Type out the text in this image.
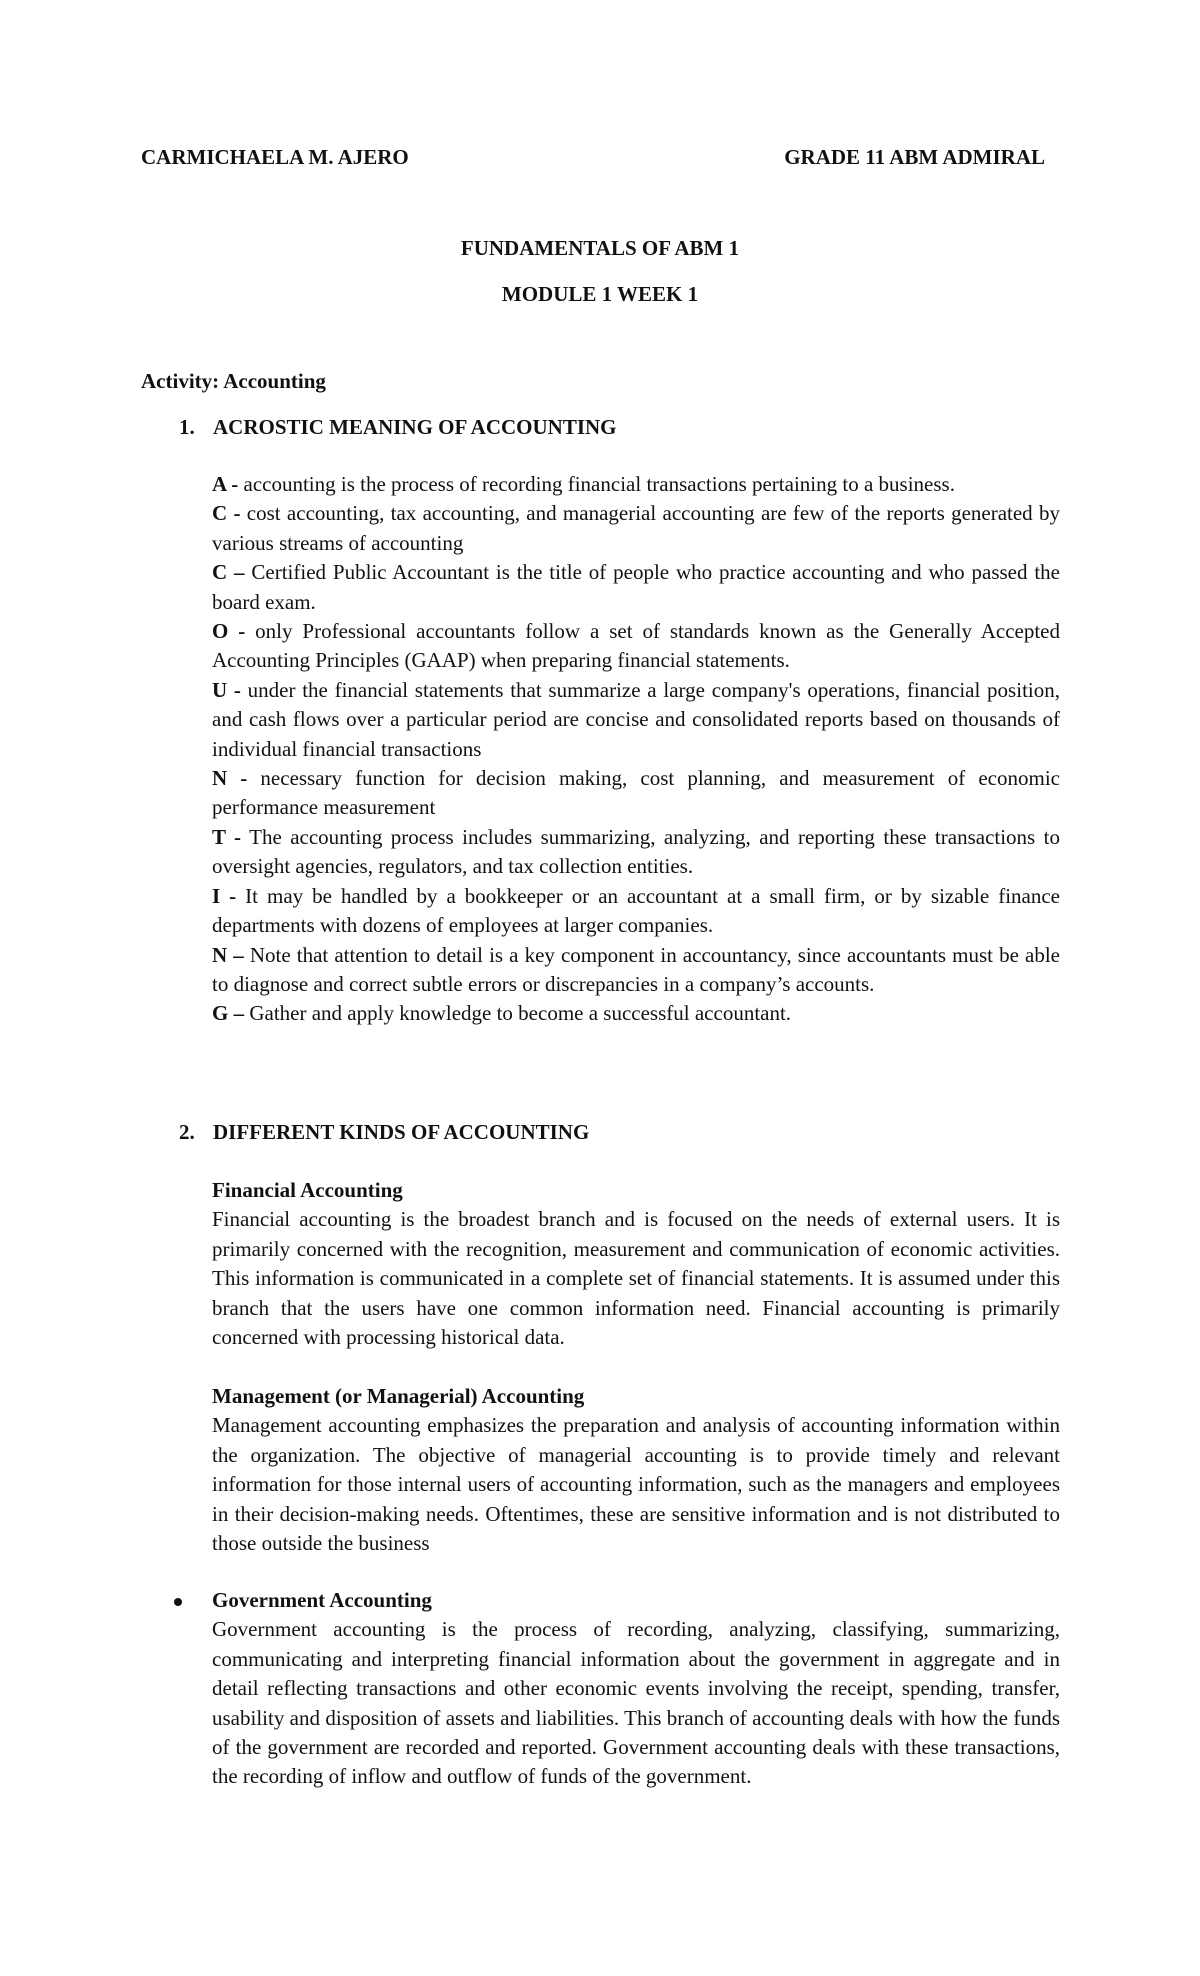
CARMICHAELA M. AJERO	GRADE 11 ABM ADMIRAL
FUNDAMENTALS OF ABM 1
MODULE 1 WEEK 1
Activity: Accounting
1. ACROSTIC MEANING OF ACCOUNTING

A - accounting is the process of recording financial transactions pertaining to a business.

C - cost accounting, tax accounting, and managerial accounting are few of the reports generated by various streams of accounting

C – Certified Public Accountant is the title of people who practice accounting and who passed the board exam.

O - only Professional accountants follow a set of standards known as the Generally Accepted Accounting Principles (GAAP) when preparing financial statements.

U - under the financial statements that summarize a large company's operations, financial position, and cash flows over a particular period are concise and consolidated reports based on thousands of individual financial transactions

N - necessary function for decision making, cost planning, and measurement of economic performance measurement

T - The accounting process includes summarizing, analyzing, and reporting these transactions to oversight agencies, regulators, and tax collection entities.

I - It may be handled by a bookkeeper or an accountant at a small firm, or by sizable finance departments with dozens of employees at larger companies.

N – Note that attention to detail is a key component in accountancy, since accountants must be able to diagnose and correct subtle errors or discrepancies in a company’s accounts.

G – Gather and apply knowledge to become a successful accountant.

2. DIFFERENT KINDS OF ACCOUNTING

Financial Accounting

Financial accounting is the broadest branch and is focused on the needs of external users. It is primarily concerned with the recognition, measurement and communication of economic activities. This information is communicated in a complete set of financial statements. It is assumed under this branch that the users have one common information need. Financial accounting is primarily concerned with processing historical data.

Management (or Managerial) Accounting

Management accounting emphasizes the preparation and analysis of accounting information within the organization. The objective of managerial accounting is to provide timely and relevant information for those internal users of accounting information, such as the managers and employees in their decision-making needs. Oftentimes, these are sensitive information and is not distributed to those outside the business

Government Accounting

Government accounting is the process of recording, analyzing, classifying, summarizing, communicating and interpreting financial information about the government in aggregate and in detail reflecting transactions and other economic events involving the receipt, spending, transfer, usability and disposition of assets and liabilities. This branch of accounting deals with how the funds of the government are recorded and reported. Government accounting deals with these transactions, the recording of inflow and outflow of funds of the government.
